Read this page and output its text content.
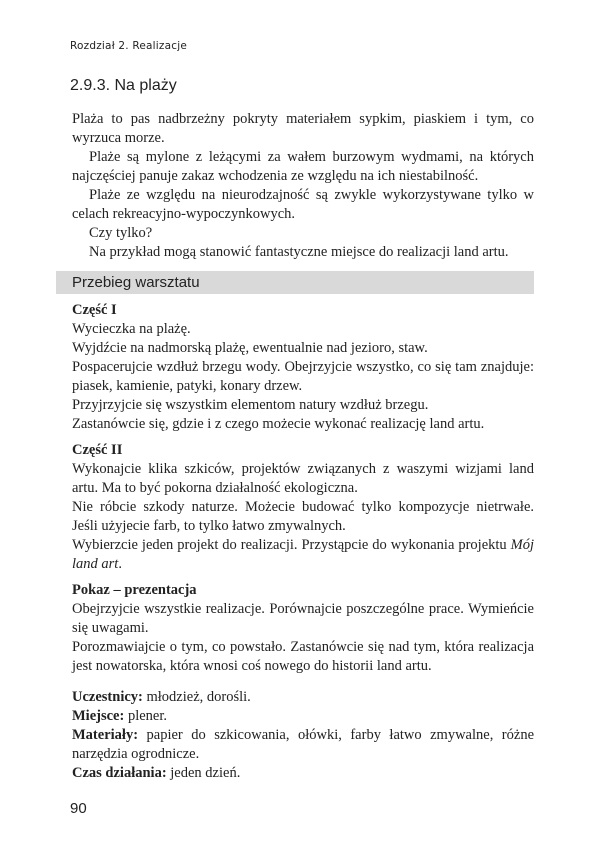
Rozdział 2. Realizacje
2.9.3. Na plaży

Plaża to pas nadbrzeżny pokryty materiałem sypkim, piaskiem i tym, co wyrzuca morze.

Plaże są mylone z leżącymi za wałem burzowym wydmami, na których najczęściej panuje zakaz wchodzenia ze względu na ich niestabilność.

Plaże ze względu na nieurodzajność są zwykle wykorzystywane tylko w celach rekreacyjno-wypoczynkowych.

Czy tylko?

Na przykład mogą stanowić fantastyczne miejsce do realizacji land artu.

Przebieg warsztatu

Część I

Wycieczka na plażę.

Wyjdźcie na nadmorską plażę, ewentualnie nad jezioro, staw.

Pospacerujcie wzdłuż brzegu wody. Obejrzyjcie wszystko, co się tam znajduje: piasek, kamienie, patyki, konary drzew.

Przyjrzyjcie się wszystkim elementom natury wzdłuż brzegu.

Zastanówcie się, gdzie i z czego możecie wykonać realizację land artu.

Część II

Wykonajcie klika szkiców, projektów związanych z waszymi wizjami land artu. Ma to być pokorna działalność ekologiczna.

Nie róbcie szkody naturze. Możecie budować tylko kompozycje nietrwałe. Jeśli użyjecie farb, to tylko łatwo zmywalnych.

Wybierzcie jeden projekt do realizacji. Przystąpcie do wykonania projektu Mój land art.

Pokaz – prezentacja

Obejrzyjcie wszystkie realizacje. Porównajcie poszczególne prace. Wymieńcie się uwagami.

Porozmawiajcie o tym, co powstało. Zastanówcie się nad tym, która realizacja jest nowatorska, która wnosi coś nowego do historii land artu.

Uczestnicy: młodzież, dorośli.

Miejsce: plener.

Materiały: papier do szkicowania, ołówki, farby łatwo zmywalne, różne narzędzia ogrodnicze.

Czas działania: jeden dzień.

90
